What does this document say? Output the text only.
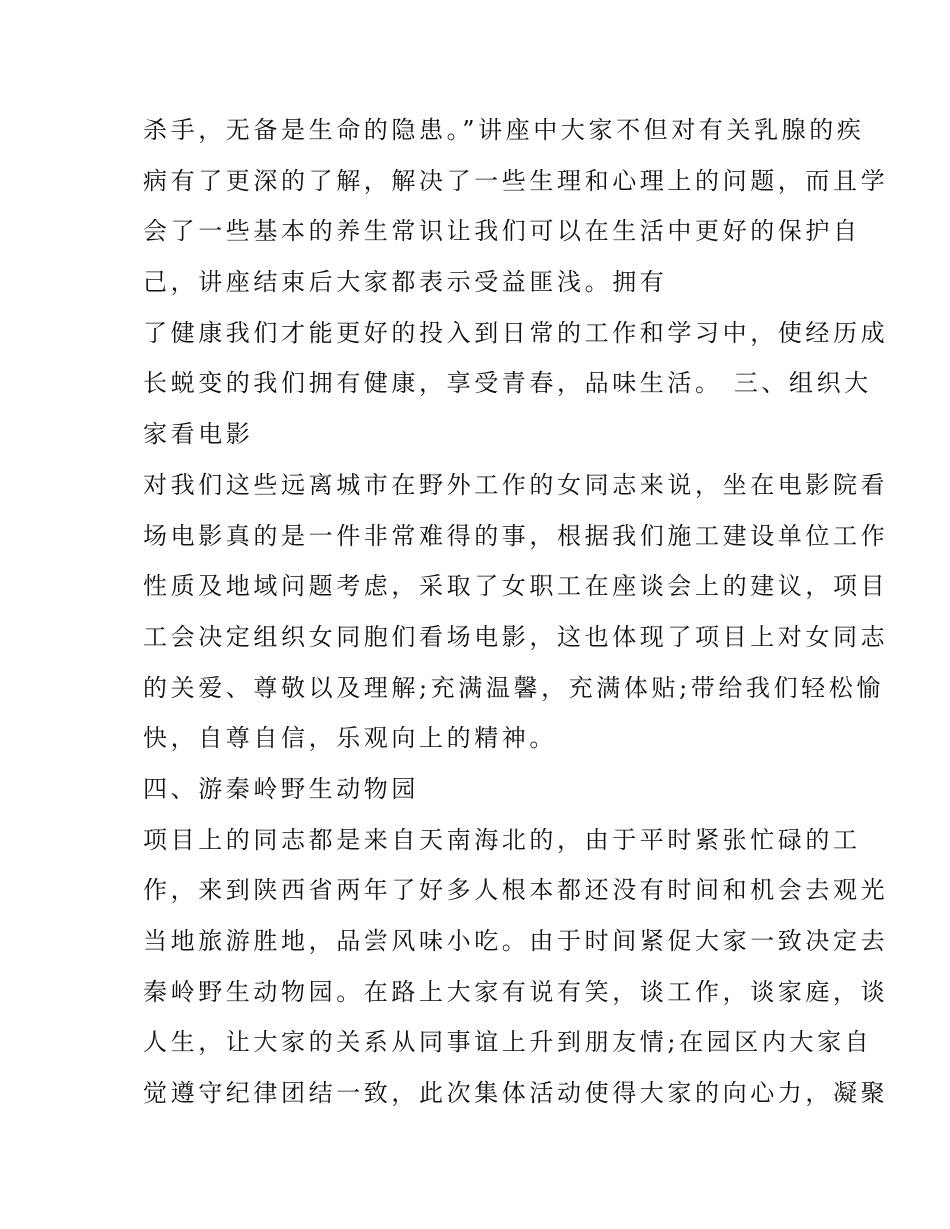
杀手，无备是生命的隐患。”讲座中大家不但对有关乳腺的疾
病有了更深的了解，解决了一些生理和心理上的问题，而且学
会了一些基本的养生常识让我们可以在生活中更好的保护自
己，讲座结束后大家都表示受益匪浅。拥有
了健康我们才能更好的投入到日常的工作和学习中，使经历成
长蜕变的我们拥有健康，享受青春，品味生活。 三、组织大
家看电影
对我们这些远离城市在野外工作的女同志来说，坐在电影院看
场电影真的是一件非常难得的事，根据我们施工建设单位工作
性质及地域问题考虑，采取了女职工在座谈会上的建议，项目
工会决定组织女同胞们看场电影，这也体现了项目上对女同志
的关爱、尊敬以及理解;充满温馨，充满体贴;带给我们轻松愉
快，自尊自信，乐观向上的精神。
四、游秦岭野生动物园
项目上的同志都是来自天南海北的，由于平时紧张忙碌的工
作，来到陕西省两年了好多人根本都还没有时间和机会去观光
当地旅游胜地，品尝风味小吃。由于时间紧促大家一致决定去
秦岭野生动物园。在路上大家有说有笑，谈工作，谈家庭，谈
人生，让大家的关系从同事谊上升到朋友情;在园区内大家自
觉遵守纪律团结一致，此次集体活动使得大家的向心力，凝聚
